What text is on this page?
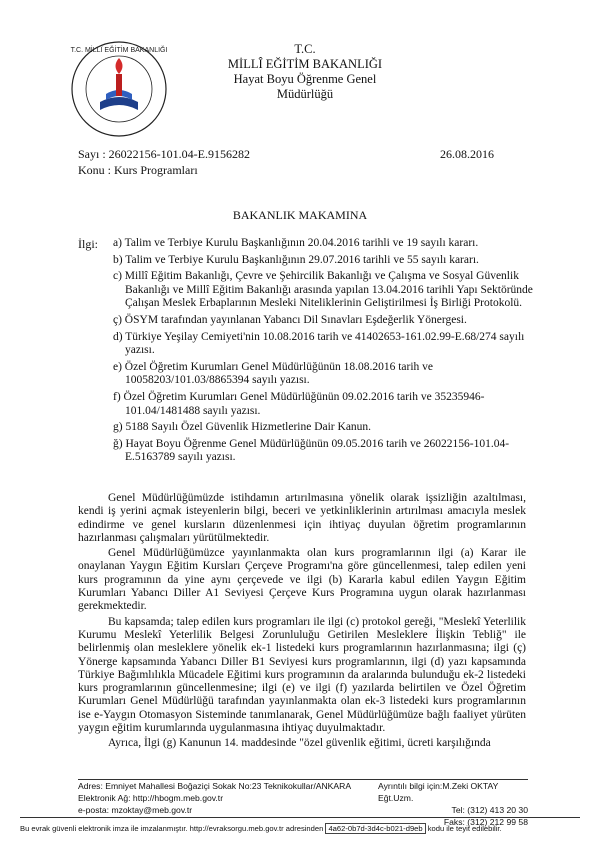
T.C. MİLLÎ EĞİTİM BAKANLIĞI	T.C.
MİLLÎ EĞİTİM BAKANLIĞI
Hayat Boyu Öğrenme Genel Müdürlüğü
Sayı : 26022156-101.04-E.9156282	26.08.2016
Konu : Kurs Programları
BAKANLIK MAKAMINA
İlgi: a) Talim ve Terbiye Kurulu Başkanlığının 20.04.2016 tarihli ve 19 sayılı kararı.
b) Talim ve Terbiye Kurulu Başkanlığının 29.07.2016 tarihli ve 55 sayılı kararı.
c) Millî Eğitim Bakanlığı, Çevre ve Şehircilik Bakanlığı ve Çalışma ve Sosyal Güvenlik Bakanlığı ve Millî Eğitim Bakanlığı arasında yapılan 13.04.2016 tarihli Yapı Sektöründe Çalışan Meslek Erbaplarının Mesleki Niteliklerinin Geliştirilmesi İş Birliği Protokolü.
ç) ÖSYM tarafından yayınlanan Yabancı Dil Sınavları Eşdeğerlik Yönergesi.
d) Türkiye Yeşilay Cemiyeti'nin 10.08.2016 tarih ve 41402653-161.02.99-E.68/274 sayılı yazısı.
e) Özel Öğretim Kurumları Genel Müdürlüğünün 18.08.2016 tarih ve 10058203/101.03/8865394 sayılı yazısı.
f) Özel Öğretim Kurumları Genel Müdürlüğünün 09.02.2016 tarih ve 35235946-101.04/1481488 sayılı yazısı.
g) 5188 Sayılı Özel Güvenlik Hizmetlerine Dair Kanun.
ğ) Hayat Boyu Öğrenme Genel Müdürlüğünün 09.05.2016 tarih ve 26022156-101.04-E.5163789 sayılı yazısı.

Genel Müdürlüğümüzde istihdamın artırılmasına yönelik olarak işsizliğin azaltılması, kendi iş yerini açmak isteyenlerin bilgi, beceri ve yetkinliklerinin artırılması amacıyla meslek edindirme ve genel kursların düzenlenmesi için ihtiyaç duyulan öğretim programlarının hazırlanması çalışmaları yürütülmektedir.

Genel Müdürlüğümüzce yayınlanmakta olan kurs programlarının ilgi (a) Karar ile onaylanan Yaygın Eğitim Kursları Çerçeve Programı'na göre güncellenmesi, talep edilen yeni kurs programının da yine aynı çerçevede ve ilgi (b) Kararla kabul edilen Yaygın Eğitim Kurumları Yabancı Diller A1 Seviyesi Çerçeve Kurs Programına uygun olarak hazırlanması gerekmektedir.

Bu kapsamda; talep edilen kurs programları ile ilgi (c) protokol gereği, "Meslekî Yeterlilik Kurumu Meslekî Yeterlilik Belgesi Zorunluluğu Getirilen Mesleklere İlişkin Tebliğ" ile belirlenmiş olan mesleklere yönelik ek-1 listedeki kurs programlarının hazırlanmasına; ilgi (ç) Yönerge kapsamında Yabancı Diller B1 Seviyesi kurs programlarının, ilgi (d) yazı kapsamında Türkiye Bağımlılıkla Mücadele Eğitimi kurs programının da aralarında bulunduğu ek-2 listedeki kurs programlarının güncellenmesine; ilgi (e) ve ilgi (f) yazılarda belirtilen ve Özel Öğretim Kurumları Genel Müdürlüğü tarafından yayınlanmakta olan ek-3 listedeki kurs programlarının ise e-Yaygın Otomasyon Sisteminde tanımlanarak, Genel Müdürlüğümüze bağlı faaliyet yürüten yaygın eğitim kurumlarında uygulanmasına ihtiyaç duyulmaktadır.

Ayrıca, İlgi (g) Kanunun 14. maddesinde "özel güvenlik eğitimi, ücreti karşılığında

Adres: Emniyet Mahallesi Boğaziçi Sokak No:23 Teknikokullar/ANKARA
Elektronik Ağ: http://hbogm.meb.gov.tr
e-posta: mzoktay@meb.gov.tr
Ayrıntılı bilgi için:M.Zeki OKTAY Eğt.Uzm.
Tel: (312) 413 20 30
Faks: (312) 212 99 58
Bu evrak güvenli elektronik imza ile imzalanmıştır. http://evraksorgu.meb.gov.tr adresinden 4a62-0b7d-3d4c-b021-d9eb kodu ile teyit edilebilir.
